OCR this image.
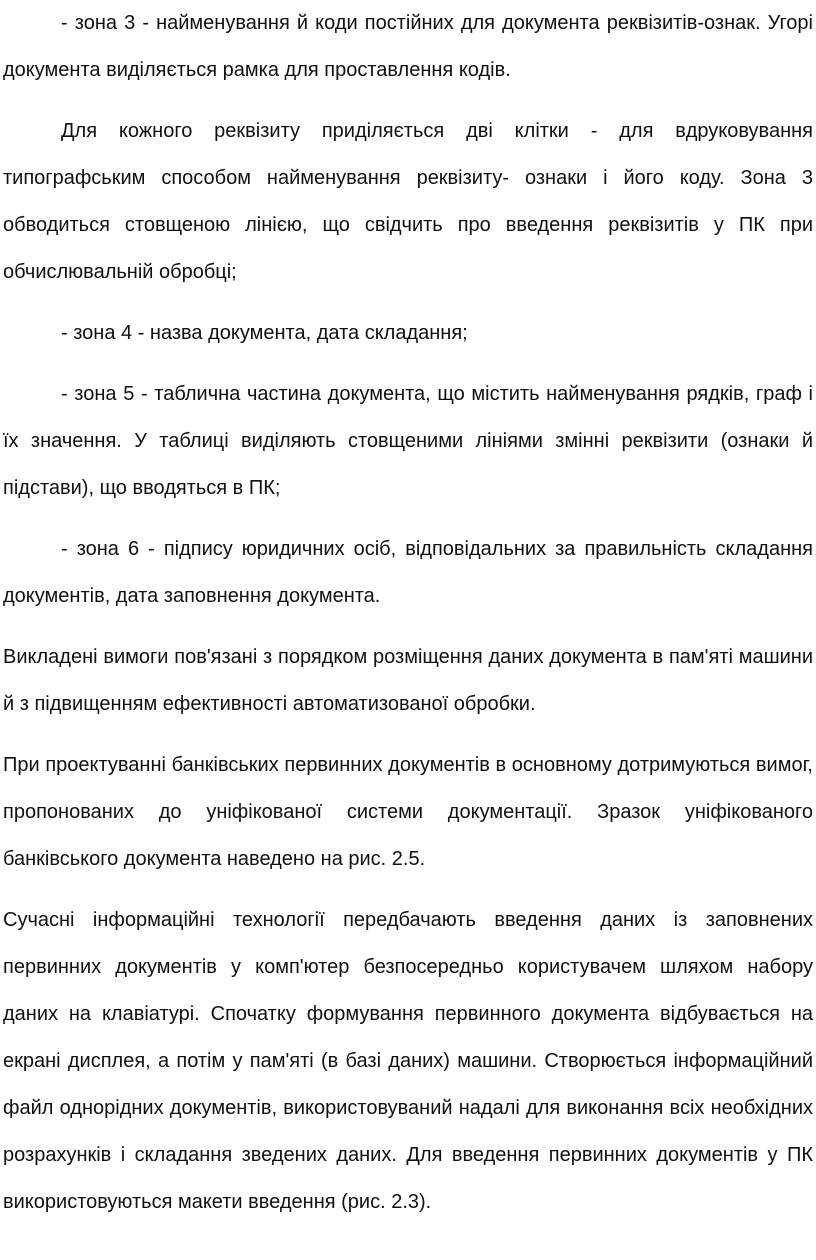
- зона 3 - найменування й коди постійних для документа реквізитів-ознак. Угорі документа виділяється рамка для проставлення кодів.

Для кожного реквізиту приділяється дві клітки - для вдруковування типографським способом найменування реквізиту- ознаки і його коду. Зона 3 обводиться стовщеною лінією, що свідчить про введення реквізитів у ПК при обчислювальній обробці;

- зона 4 - назва документа, дата складання;

- зона 5 - таблична частина документа, що містить найменування рядків, граф і їх значення. У таблиці виділяють стовщеними лініями змінні реквізити (ознаки й підстави), що вводяться в ПК;

- зона 6 - підпису юридичних осіб, відповідальних за правильність складання документів, дата заповнення документа.

Викладені вимоги пов'язані з порядком розміщення даних документа в пам'яті машини й з підвищенням ефективності автоматизованої обробки.

При проектуванні банківських первинних документів в основному дотримуються вимог, пропонованих до уніфікованої системи документації. Зразок уніфікованого банківського документа наведено на рис. 2.5.

Сучасні інформаційні технології передбачають введення даних із заповнених первинних документів у комп'ютер безпосередньо користувачем шляхом набору даних на клавіатурі. Спочатку формування первинного документа відбувається на екрані дисплея, а потім у пам'яті (в базі даних) машини. Створюється інформаційний файл однорідних документів, використовуваний надалі для виконання всіх необхідних розрахунків і складання зведених даних. Для введення первинних документів у ПК використовуються макети введення (рис. 2.3).
